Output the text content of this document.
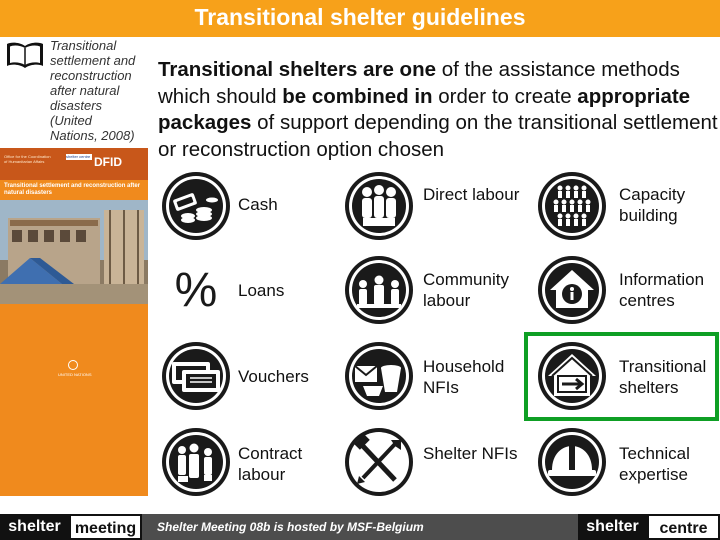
Transitional shelter guidelines
Transitional
settlement and
reconstruction
after natural
disasters
(United
Nations, 2008)
Office for the Coordination of Humanitarian Affairs
shelter centre DFID
Transitional settlement and reconstruction after natural disasters
UNITED NATIONS
Transitional shelters are one of the assistance methods which should be combined in order to create appropriate packages of support depending on the transitional settlement or reconstruction option chosen
Cash
Direct labour	Capacity building
% Loans
Community labour
Information centres
Vouchers
Household NFIs
Transitional shelters
Contract labour
Shelter NFIs	Technical expertise
shelter meeting	Shelter Meeting 08b is hosted by MSF-Belgium	shelter	centre
